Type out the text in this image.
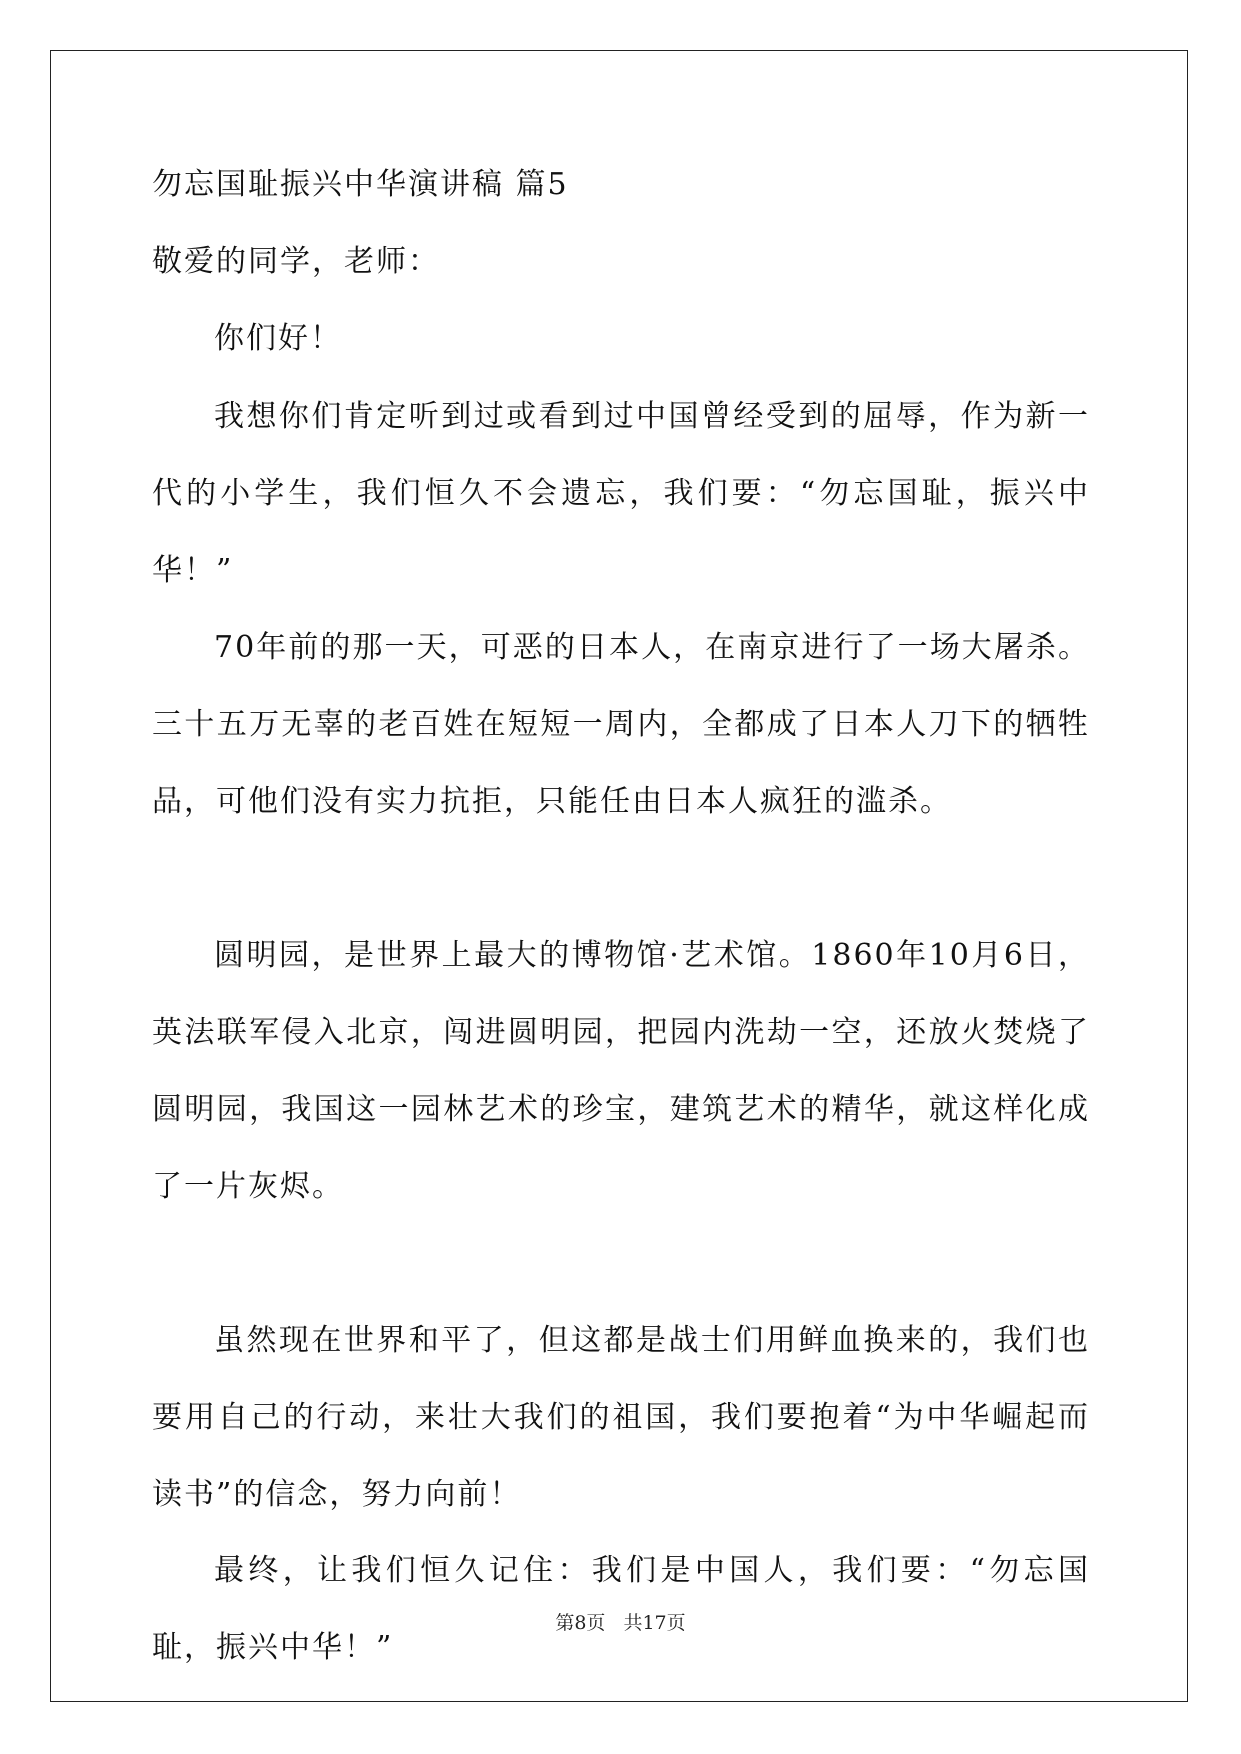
勿忘国耻振兴中华演讲稿 篇5
敬爱的同学，老师：
你们好！

我想你们肯定听到过或看到过中国曾经受到的屈辱，作为新一代的小学生，我们恒久不会遗忘，我们要：“勿忘国耻，振兴中华！”

70年前的那一天，可恶的日本人，在南京进行了一场大屠杀。三十五万无辜的老百姓在短短一周内，全都成了日本人刀下的牺牲品，可他们没有实力抗拒，只能任由日本人疯狂的滥杀。

圆明园，是世界上最大的博物馆·艺术馆。1860年10月6日，英法联军侵入北京，闯进圆明园，把园内洗劫一空，还放火焚烧了圆明园，我国这一园林艺术的珍宝，建筑艺术的精华，就这样化成了一片灰烬。

虽然现在世界和平了，但这都是战士们用鲜血换来的，我们也要用自己的行动，来壮大我们的祖国，我们要抱着“为中华崛起而读书”的信念，努力向前！

最终，让我们恒久记住：我们是中国人，我们要：“勿忘国耻，振兴中华！”

第8页 共17页
